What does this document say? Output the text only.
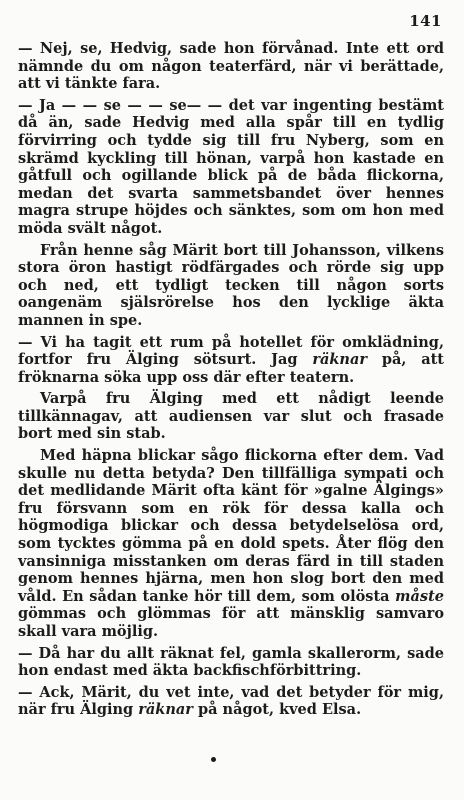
141

— Nej, se, Hedvig, sade hon förvånad. Inte ett ord nämnde du om någon teaterfärd, när vi berättade, att vi tänkte fara.

— Ja — — se — — se— — det var ingenting bestämt då än, sade Hedvig med alla spår till en tydlig förvirring och tydde sig till fru Nyberg, som en skrämd kyckling till hönan, varpå hon kastade en gåtfull och ogillande blick på de båda flickorna, medan det svarta sammetsbandet över hennes magra strupe höjdes och sänktes, som om hon med möda svält något.

Från henne såg Märit bort till Johansson, vilkens stora öron hastigt rödfärgades och rörde sig upp och ned, ett tydligt tecken till någon sorts oangenäm själsrörelse hos den lycklige äkta mannen in spe.

— Vi ha tagit ett rum på hotellet för omklädning, fortfor fru Älging sötsurt. Jag räknar på, att fröknarna söka upp oss där efter teatern.

Varpå fru Älging med ett nådigt leende tillkännagav, att audiensen var slut och frasade bort med sin stab.

Med häpna blickar sågo flickorna efter dem. Vad skulle nu detta betyda? Den tillfälliga sympati och det medlidande Märit ofta känt för »galne Älgings» fru försvann som en rök för dessa kalla och högmodiga blickar och dessa betydelselösa ord, som tycktes gömma på en dold spets. Åter flög den vansinniga misstanken om deras färd in till staden genom hennes hjärna, men hon slog bort den med våld. En sådan tanke hör till dem, som olösta måste gömmas och glömmas för att mänsklig samvaro skall vara möjlig.

— Då har du allt räknat fel, gamla skallerorm, sade hon endast med äkta backfischförbittring.

— Ack, Märit, du vet inte, vad det betyder för mig, när fru Älging räknar på något, kved Elsa.
